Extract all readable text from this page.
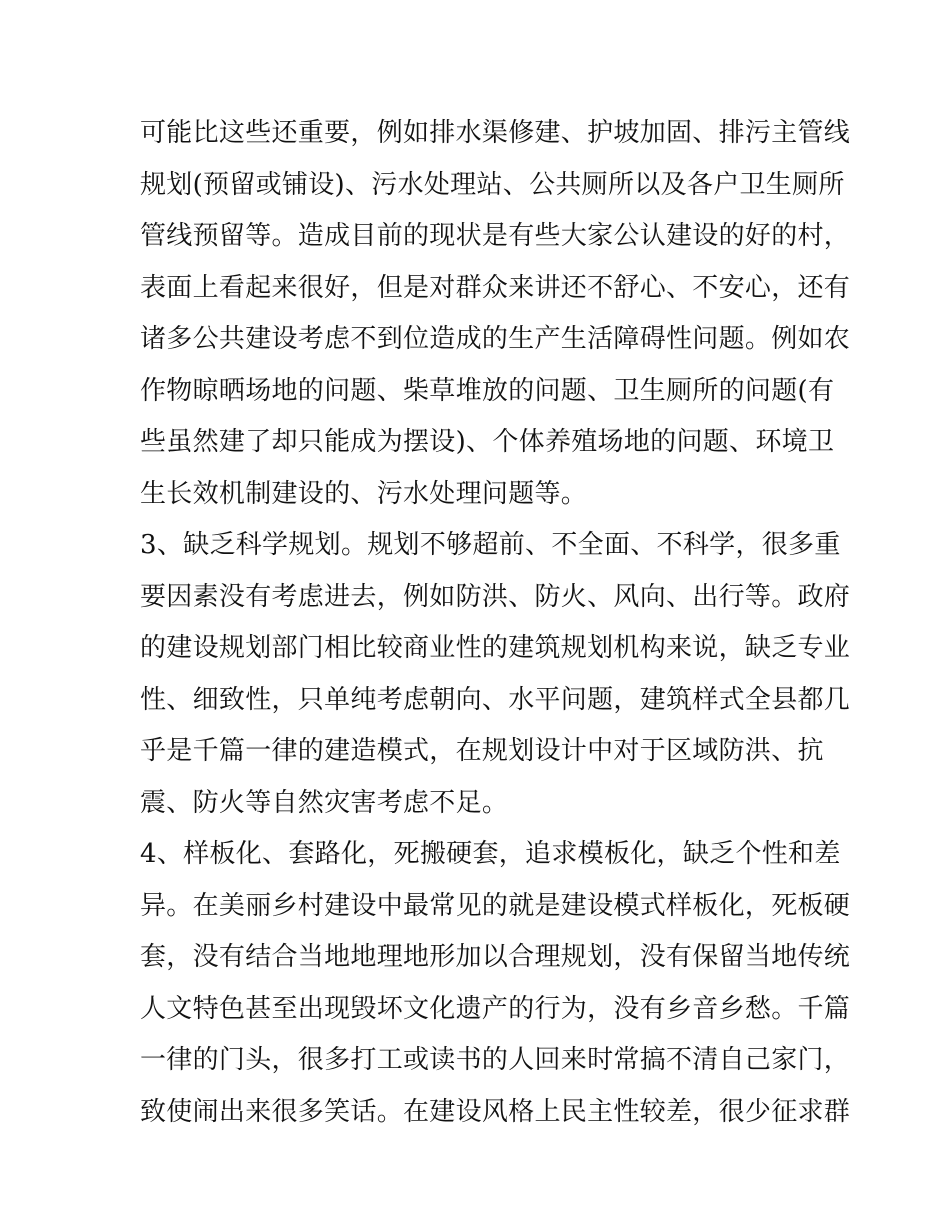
可能比这些还重要，例如排水渠修建、护坡加固、排污主管线
规划(预留或铺设)、污水处理站、公共厕所以及各户卫生厕所
管线预留等。造成目前的现状是有些大家公认建设的好的村，
表面上看起来很好，但是对群众来讲还不舒心、不安心，还有
诸多公共建设考虑不到位造成的生产生活障碍性问题。例如农
作物晾晒场地的问题、柴草堆放的问题、卫生厕所的问题(有
些虽然建了却只能成为摆设)、个体养殖场地的问题、环境卫
生长效机制建设的、污水处理问题等。
3、缺乏科学规划。规划不够超前、不全面、不科学，很多重
要因素没有考虑进去，例如防洪、防火、风向、出行等。政府
的建设规划部门相比较商业性的建筑规划机构来说，缺乏专业
性、细致性，只单纯考虑朝向、水平问题，建筑样式全县都几
乎是千篇一律的建造模式，在规划设计中对于区域防洪、抗
震、防火等自然灾害考虑不足。
4、样板化、套路化，死搬硬套，追求模板化，缺乏个性和差
异。在美丽乡村建设中最常见的就是建设模式样板化，死板硬
套，没有结合当地地理地形加以合理规划，没有保留当地传统
人文特色甚至出现毁坏文化遗产的行为，没有乡音乡愁。千篇
一律的门头，很多打工或读书的人回来时常搞不清自己家门，
致使闹出来很多笑话。在建设风格上民主性较差，很少征求群
